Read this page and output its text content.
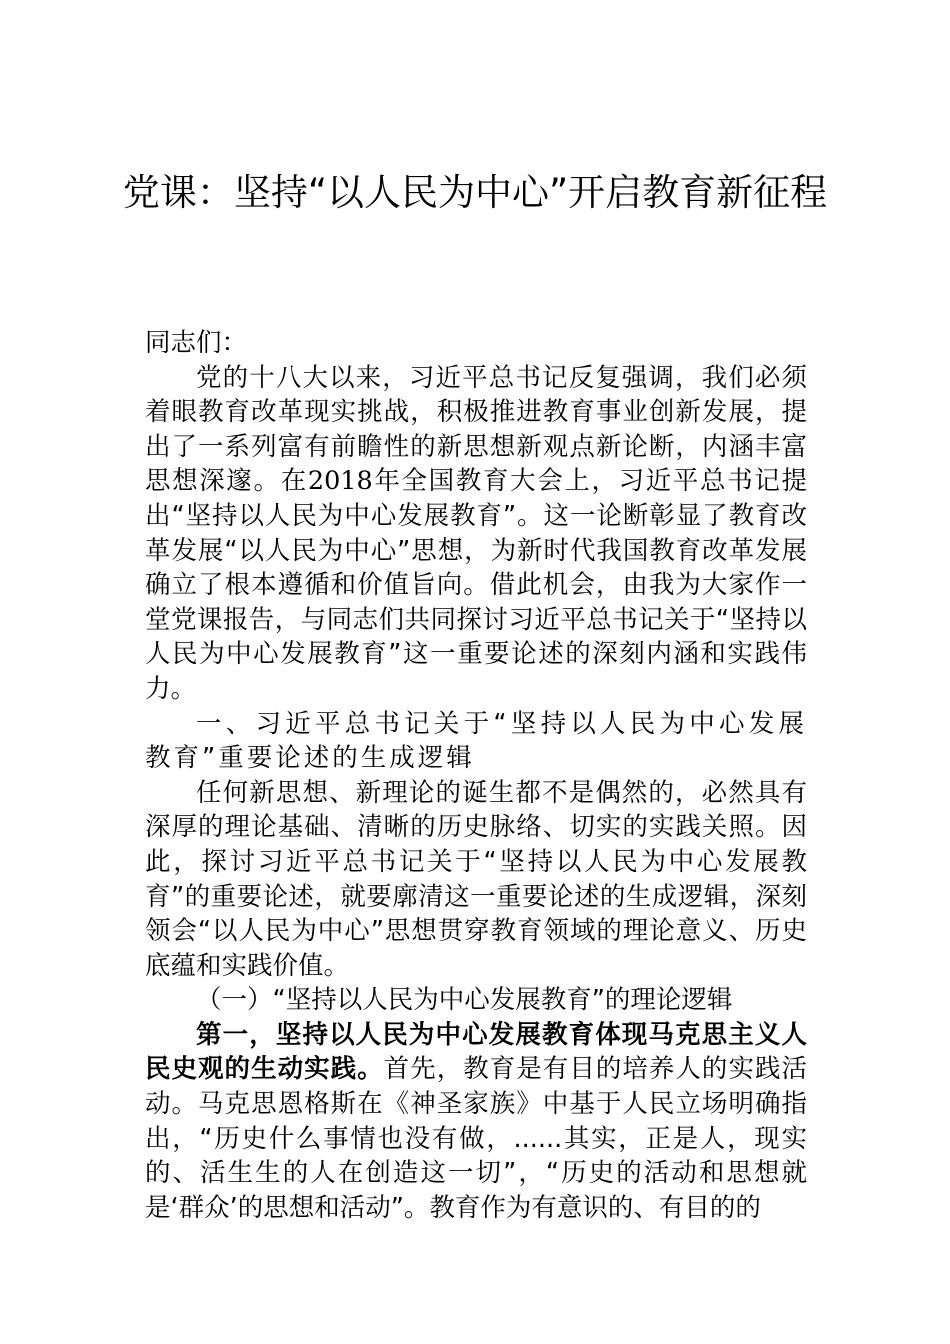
党课：坚持“以人民为中心”开启教育新征程

同志们：

党的十八大以来，习近平总书记反复强调，我们必须着眼教育改革现实挑战，积极推进教育事业创新发展，提出了一系列富有前瞻性的新思想新观点新论断，内涵丰富思想深邃。在2018年全国教育大会上，习近平总书记提出“坚持以人民为中心发展教育”。这一论断彰显了教育改革发展“以人民为中心”思想，为新时代我国教育改革发展确立了根本遵循和价值旨向。借此机会，由我为大家作一堂党课报告，与同志们共同探讨习近平总书记关于“坚持以人民为中心发展教育”这一重要论述的深刻内涵和实践伟力。

一、习近平总书记关于“坚持以人民为中心发展教育”重要论述的生成逻辑

任何新思想、新理论的诞生都不是偶然的，必然具有深厚的理论基础、清晰的历史脉络、切实的实践关照。因此，探讨习近平总书记关于“坚持以人民为中心发展教育”的重要论述，就要廓清这一重要论述的生成逻辑，深刻领会“以人民为中心”思想贯穿教育领域的理论意义、历史底蕴和实践价值。

（一）“坚持以人民为中心发展教育”的理论逻辑

第一，坚持以人民为中心发展教育体现马克思主义人民史观的生动实践。首先，教育是有目的培养人的实践活动。马克思恩格斯在《神圣家族》中基于人民立场明确指出，“历史什么事情也没有做，......其实，正是人，现实的、活生生的人在创造这一切”，“历史的活动和思想就是‘群众’的思想和活动”。教育作为有意识的、有目的的
